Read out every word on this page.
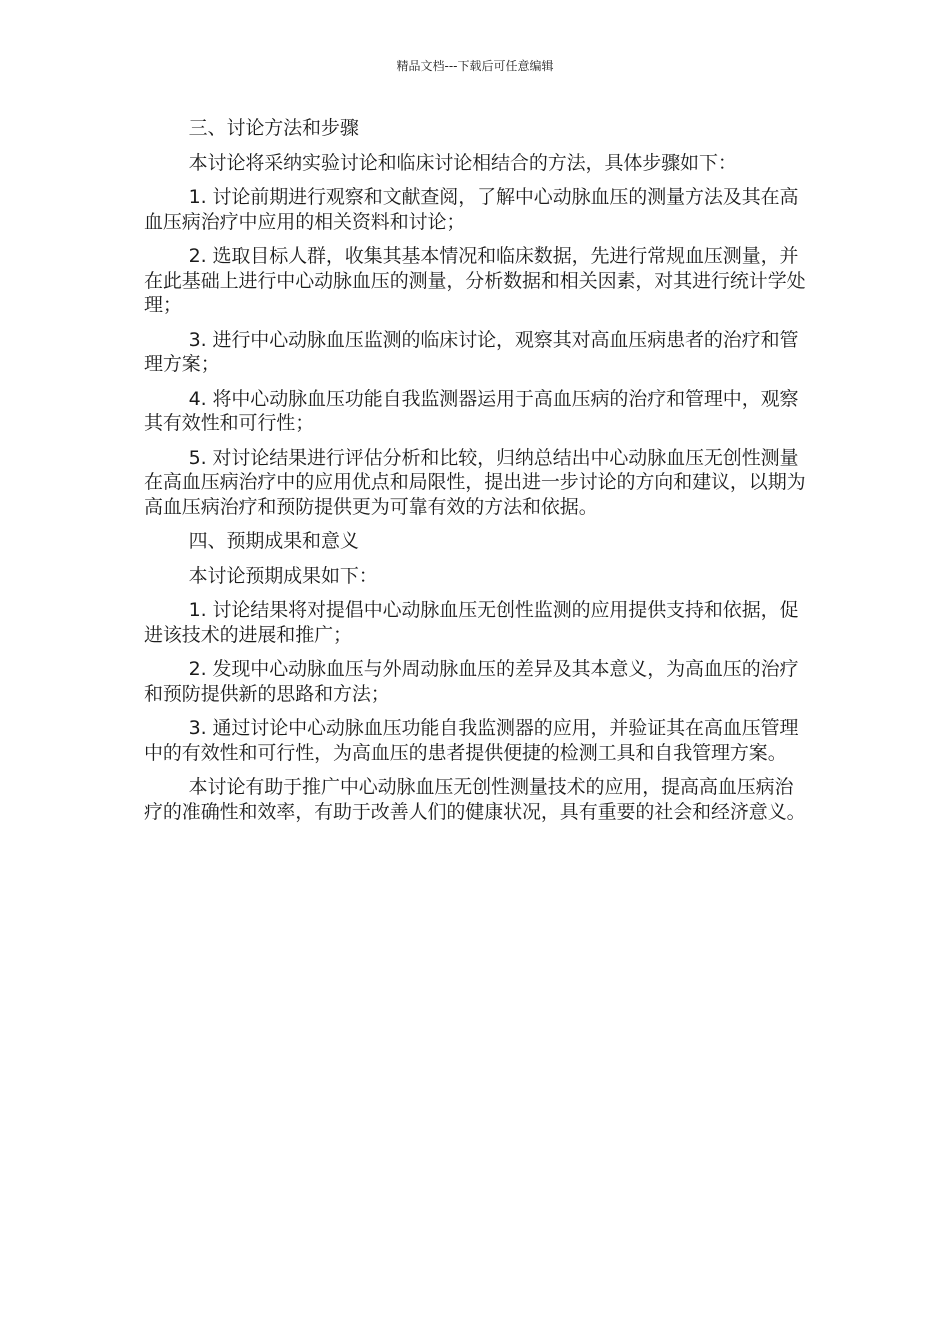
精品文档---下载后可任意编辑

三、讨论方法和步骤

本讨论将采纳实验讨论和临床讨论相结合的方法，具体步骤如下：

1. 讨论前期进行观察和文献查阅，了解中心动脉血压的测量方法及其在高血压病治疗中应用的相关资料和讨论；

2. 选取目标人群，收集其基本情况和临床数据，先进行常规血压测量，并在此基础上进行中心动脉血压的测量，分析数据和相关因素，对其进行统计学处理；

3. 进行中心动脉血压监测的临床讨论，观察其对高血压病患者的治疗和管理方案；

4. 将中心动脉血压功能自我监测器运用于高血压病的治疗和管理中，观察其有效性和可行性；

5. 对讨论结果进行评估分析和比较，归纳总结出中心动脉血压无创性测量在高血压病治疗中的应用优点和局限性，提出进一步讨论的方向和建议，以期为高血压病治疗和预防提供更为可靠有效的方法和依据。

四、预期成果和意义

本讨论预期成果如下：

1. 讨论结果将对提倡中心动脉血压无创性监测的应用提供支持和依据，促进该技术的进展和推广；

2. 发现中心动脉血压与外周动脉血压的差异及其本意义，为高血压的治疗和预防提供新的思路和方法；

3. 通过讨论中心动脉血压功能自我监测器的应用，并验证其在高血压管理中的有效性和可行性，为高血压的患者提供便捷的检测工具和自我管理方案。

本讨论有助于推广中心动脉血压无创性测量技术的应用，提高高血压病治疗的准确性和效率，有助于改善人们的健康状况，具有重要的社会和经济意义。
